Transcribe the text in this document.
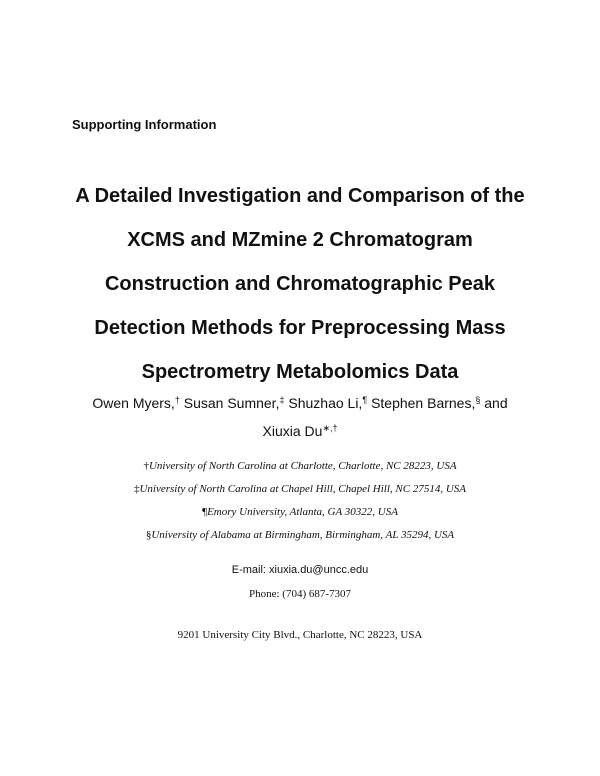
Supporting Information
A Detailed Investigation and Comparison of the
XCMS and MZmine 2 Chromatogram
Construction and Chromatographic Peak
Detection Methods for Preprocessing Mass
Spectrometry Metabolomics Data
Owen Myers,† Susan Sumner,‡ Shuzhao Li,¶ Stephen Barnes,§ and
Xiuxia Du∗,†
†University of North Carolina at Charlotte, Charlotte, NC 28223, USA
‡University of North Carolina at Chapel Hill, Chapel Hill, NC 27514, USA
¶Emory University, Atlanta, GA 30322, USA
§University of Alabama at Birmingham, Birmingham, AL 35294, USA
E-mail: xiuxia.du@uncc.edu
Phone: (704) 687-7307
9201 University City Blvd., Charlotte, NC 28223, USA
